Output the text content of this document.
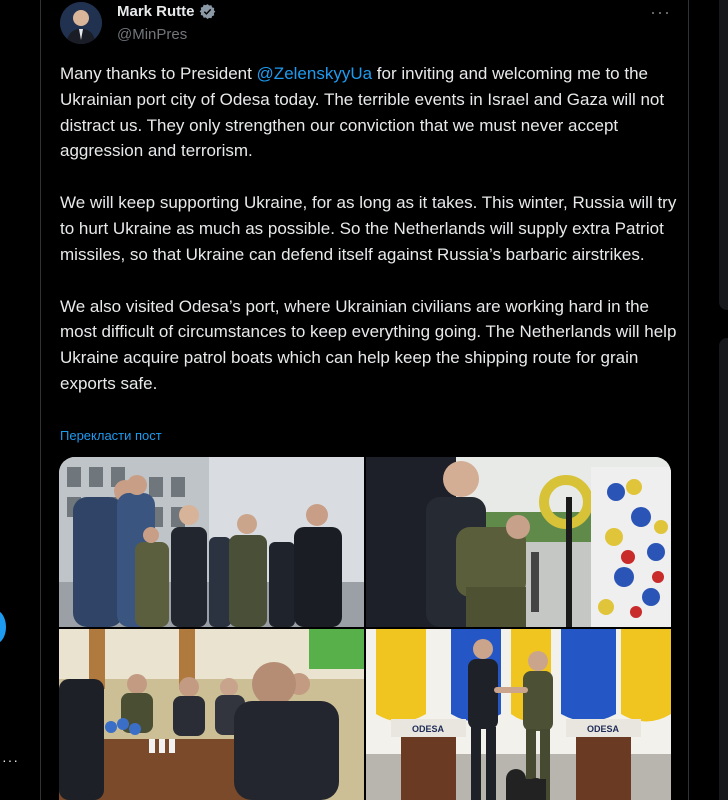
···
Mark Rutte
@MinPres
···

Many thanks to President @ZelenskyyUa for inviting and welcoming me to the Ukrainian port city of Odesa today. The terrible events in Israel and Gaza will not distract us. They only strengthen our conviction that we must never accept aggression and terrorism.

We will keep supporting Ukraine, for as long as it takes. This winter, Russia will try to hurt Ukraine as much as possible. So the Netherlands will supply extra Patriot missiles, so that Ukraine can defend itself against Russia’s barbaric airstrikes.

We also visited Odesa’s port, where Ukrainian civilians are working hard in the most difficult of circumstances to keep everything going. The Netherlands will help Ukraine acquire patrol boats which can help keep the shipping route for grain exports safe.

Перекласти пост
ODESA	ODESA
